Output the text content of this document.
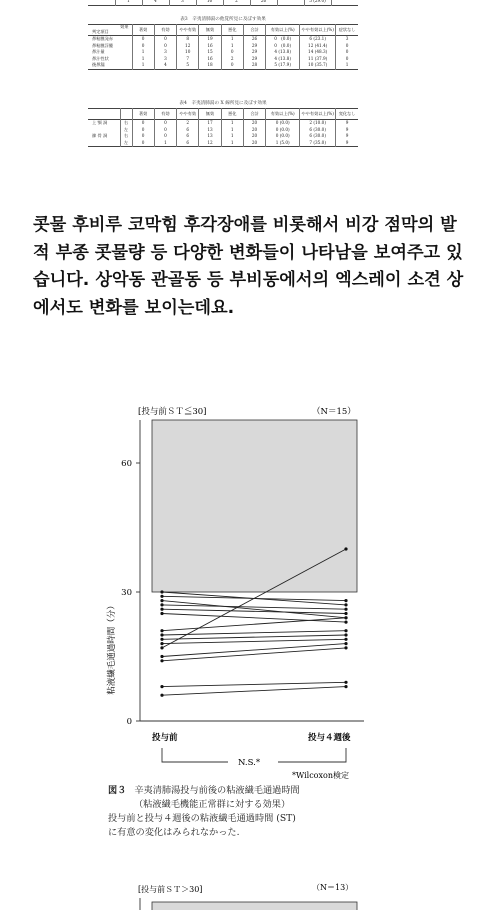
	1	4	3	16	2	26		5 (29.0)	
表3　辛夷清肺湯の他覚所見に及ぼす効果
効果
判定項目	著効	有効	やや有効	無効	悪化	合計	有効以上(%)	やや有効以上(%)	症状なし
鼻粘膜発赤	0	0	8	19	1	26	0　(0.0)	6 (23.1)	3
鼻粘膜浮腫	0	0	12	16	1	29	0　(0.0)	12 (41.4)	0
鼻汁量	1	3	10	15	0	29	4 (13.8)	14 (48.3)	0
鼻汁性状	1	3	7	16	2	29	4 (13.8)	11 (37.9)	0
後鼻漏	1	4	5	18	0	28	5 (17.9)	10 (35.7)	1
表4　辛夷清肺湯の X 線所見に及ぼす効果
		著効	有効	やや有効	無効	悪化	合計	有効以上(%)	やや有効以上(%)	変化なし
上 顎 洞	右	0	0	2	17	1	20	0 (0.0)	2 (10.0)	9
	左	0	0	6	13	1	20	0 (0.0)	6 (30.0)	9
篩 骨 洞	右	0	0	6	13	1	20	0 (0.0)	6 (30.0)	9
	左	0	1	6	12	1	20	1 (5.0)	7 (35.0)	9

콧물 후비루 코막힘 후각장애를 비롯해서 비강 점막의 발적 부종 콧물량 등 다양한 변화들이 나타남을 보여주고 있습니다. 상악동 관골동 등 부비동에서의 엑스레이 소견 상에서도 변화를 보이는데요.

[投与前ＳＴ≦30]	（N＝15）
0
30
60
粘液繊毛通過時間（分）
投与前	投与４週後
N.S.*
*Wilcoxon検定
図３ 辛夷清肺湯投与前後の粘液繊毛通過時間
（粘液繊毛機能正常群に対する効果）
投与前と投与４週後の粘液繊毛通過時間 (ST)
に有意の変化はみられなかった.
[投与前ＳＴ＞30]	（N＝13）
